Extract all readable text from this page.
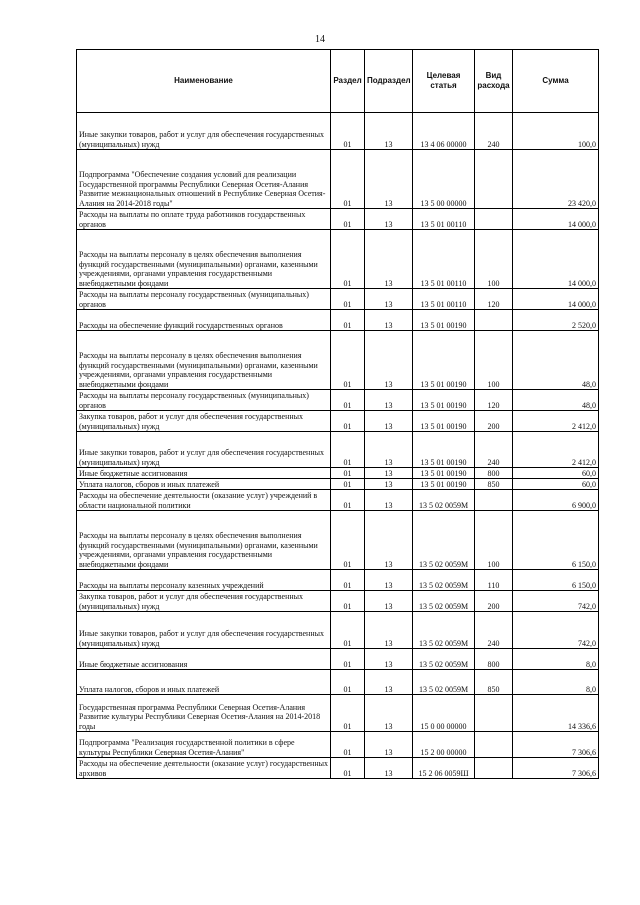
14
Наименование	Раздел	Подраздел	Целевая статья	Вид расхода	Сумма
Иные закупки товаров, работ и услуг для обеспечения государственных (муниципальных) нужд	01	13	13 4 06 00000	240	100,0
Подпрограмма "Обеспечение создания условий для реализации Государственной программы Республики Северная Осетия-Алания Развитие межнациональных отношений в Республике Северная Осетия-Алания на 2014-2018 годы"	01	13	13 5 00 00000		23 420,0
Расходы на выплаты по оплате труда работников государственных органов	01	13	13 5 01 00110		14 000,0
Расходы на выплаты персоналу в целях обеспечения выполнения функций государственными (муниципальными) органами, казенными учреждениями, органами управления государственными внебюджетными фондами	01	13	13 5 01 00110	100	14 000,0
Расходы на выплаты персоналу государственных (муниципальных) органов	01	13	13 5 01 00110	120	14 000,0
Расходы на обеспечение функций государственных органов	01	13	13 5 01 00190		2 520,0
Расходы на выплаты персоналу в целях обеспечения выполнения функций государственными (муниципальными) органами, казенными учреждениями, органами управления государственными внебюджетными фондами	01	13	13 5 01 00190	100	48,0
Расходы на выплаты персоналу государственных (муниципальных) органов	01	13	13 5 01 00190	120	48,0
Закупка товаров, работ и услуг для обеспечения государственных (муниципальных) нужд	01	13	13 5 01 00190	200	2 412,0
Иные закупки товаров, работ и услуг для обеспечения государственных (муниципальных) нужд	01	13	13 5 01 00190	240	2 412,0
Иные бюджетные ассигнования	01	13	13 5 01 00190	800	60,0
Уплата налогов, сборов и иных платежей	01	13	13 5 01 00190	850	60,0
Расходы на обеспечение деятельности (оказание услуг) учреждений в области национальной политики	01	13	13 5 02 0059М		6 900,0
Расходы на выплаты персоналу в целях обеспечения выполнения функций государственными (муниципальными) органами, казенными учреждениями, органами управления государственными внебюджетными фондами	01	13	13 5 02 0059М	100	6 150,0
Расходы на выплаты персоналу казенных учреждений	01	13	13 5 02 0059М	110	6 150,0
Закупка товаров, работ и услуг для обеспечения государственных (муниципальных) нужд	01	13	13 5 02 0059М	200	742,0
Иные закупки товаров, работ и услуг для обеспечения государственных (муниципальных) нужд	01	13	13 5 02 0059М	240	742,0
Иные бюджетные ассигнования	01	13	13 5 02 0059М	800	8,0
Уплата налогов, сборов и иных платежей	01	13	13 5 02 0059М	850	8,0
Государственная программа Республики Северная Осетия-Алания Развитие культуры Республики Северная Осетия-Алания на 2014-2018 годы	01	13	15 0 00 00000		14 336,6
Подпрограмма "Реализация государственной политики в сфере культуры Республики Северная Осетия-Алания"	01	13	15 2 00 00000		7 306,6
Расходы на обеспечение деятельности (оказание услуг) государственных архивов	01	13	15 2 06 0059Ш		7 306,6
